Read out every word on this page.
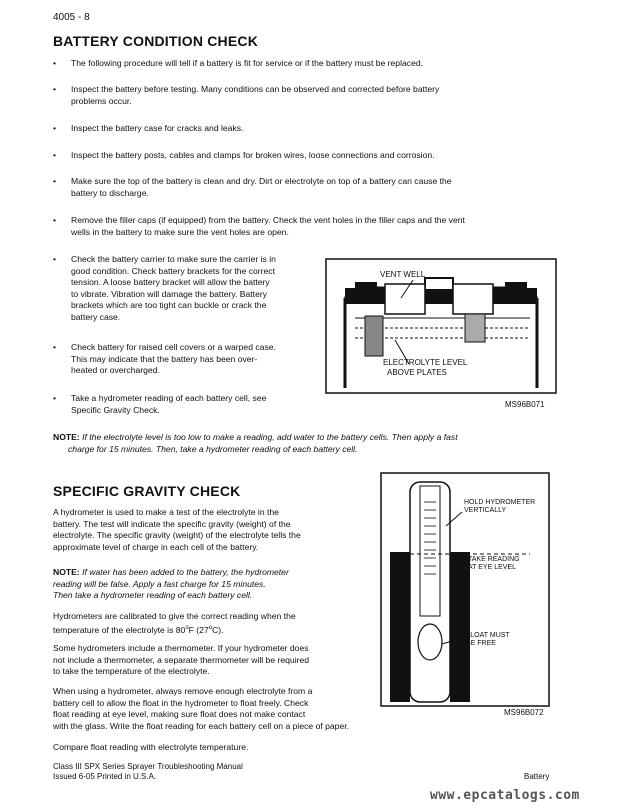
4005 - 8
BATTERY CONDITION CHECK
• The following procedure will tell if a battery is fit for service or if the battery must be replaced.
• Inspect the battery before testing. Many conditions can be observed and corrected before battery
problems occur.
• Inspect the battery case for cracks and leaks.
• Inspect the battery posts, cables and clamps for broken wires, loose connections and corrosion.
• Make sure the top of the battery is clean and dry. Dirt or electrolyte on top of a battery can cause the
battery to discharge.
• Remove the filler caps (if equipped) from the battery. Check the vent holes in the filler caps and the vent
wells in the battery to make sure the vent holes are open.
• Check the battery carrier to make sure the carrier is in
good condition. Check battery brackets for the correct
tension. A loose battery bracket will allow the battery
to vibrate. Vibration will damage the battery. Battery
brackets which are too tight can buckle or crack the
battery case.
• Check battery for raised cell covers or a warped case.
This may indicate that the battery has been over-
heated or overcharged.
• Take a hydrometer reading of each battery cell, see
Specific Gravity Check.
VENT WELL
ELECTROLYTE LEVEL
ABOVE PLATES
MS96B071
NOTE: If the electrolyte level is too low to make a reading, add water to the battery cells. Then apply a fast
charge for 15 minutes. Then, take a hydrometer reading of each battery cell.
SPECIFIC GRAVITY CHECK
A hydrometer is used to make a test of the electrolyte in the
battery. The test will indicate the specific gravity (weight) of the
electrolyte. The specific gravity (weight) of the electrolyte tells the
approximate level of charge in each cell of the battery.
NOTE: If water has been added to the battery, the hydrometer
reading will be false. Apply a fast charge for 15 minutes.
Then take a hydrometer reading of each battery cell.
Hydrometers are calibrated to give the correct reading when the
temperature of the electrolyte is 80$^o$F (27$^o$C).
Some hydrometers include a thermometer. If your hydrometer does
not include a thermometer, a separate thermometer will be required
to take the temperature of the electrolyte.
When using a hydrometer, always remove enough electrolyte from a
battery cell to allow the float in the hydrometer to float freely. Check
float reading at eye level, making sure float does not make contact
with the glass. Write the float reading for each battery cell on a piece of paper.
Compare float reading with electrolyte temperature.
HOLD HYDROMETER
VERTICALLY
TAKE READING
AT EYE LEVEL
FLOAT MUST
BE FREE
MS96B072
Class III SPX Series Sprayer Troubleshooting Manual
Issued 6-05 Printed in U.S.A.	Battery
www.epcatalogs.com
